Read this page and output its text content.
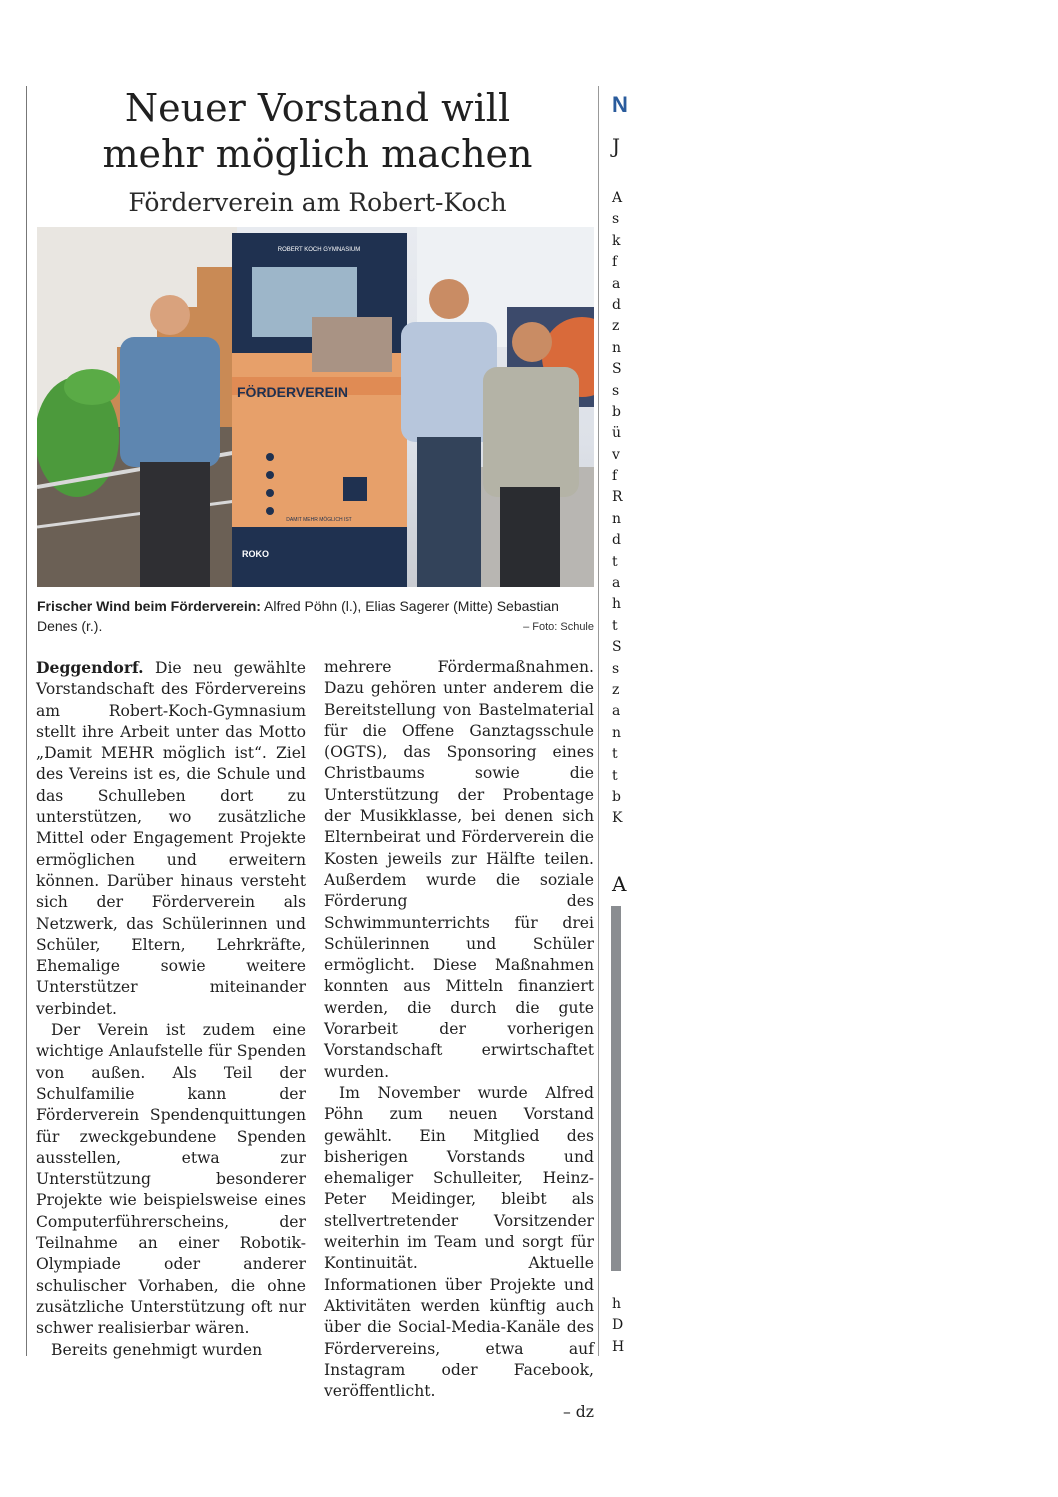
Neuer Vorstand will
mehr möglich machen
Förderverein am Robert-Koch
ROBERT KOCH GYMNASIUM
FÖRDERVEREIN
DAMIT MEHR MÖGLICH IST
ROKO
Frischer Wind beim Förderverein: Alfred Pöhn (l.), Elias Sagerer (Mitte) Sebastian Denes (r.).	– Foto: Schule

Deggendorf. Die neu gewählte Vorstandschaft des Fördervereins am Robert-Koch-Gymnasium stellt ihre Arbeit unter das Motto „Damit MEHR möglich ist“. Ziel des Vereins ist es, die Schule und das Schulleben dort zu unterstützen, wo zusätzliche Mittel oder Engagement Projekte ermöglichen und erweitern können. Darüber hinaus versteht sich der Förderverein als Netzwerk, das Schülerinnen und Schüler, Eltern, Lehrkräfte, Ehemalige sowie weitere Unterstützer miteinander verbindet.

Der Verein ist zudem eine wichtige Anlaufstelle für Spenden von außen. Als Teil der Schulfamilie kann der Förderverein Spendenquittungen für zweckgebundene Spenden ausstellen, etwa zur Unterstützung besonderer Projekte wie beispielsweise eines Computerführerscheins, der Teilnahme an einer Robotik-Olympiade oder anderer schulischer Vorhaben, die ohne zusätzliche Unterstützung oft nur schwer realisierbar wären.

Bereits genehmigt wurden

mehrere Fördermaßnahmen. Dazu gehören unter anderem die Bereitstellung von Bastelmaterial für die Offene Ganztagsschule (OGTS), das Sponsoring eines Christbaums sowie die Unterstützung der Probentage der Musikklasse, bei denen sich Elternbeirat und Förderverein die Kosten jeweils zur Hälfte teilen. Außerdem wurde die soziale Förderung des Schwimmunterrichts für drei Schülerinnen und Schüler ermöglicht. Diese Maßnahmen konnten aus Mitteln finanziert werden, die durch die gute Vorarbeit der vorherigen Vorstandschaft erwirtschaftet wurden.

Im November wurde Alfred Pöhn zum neuen Vorstand gewählt. Ein Mitglied des bisherigen Vorstands und ehemaliger Schulleiter, Heinz-Peter Meidinger, bleibt als stellvertretender Vorsitzender weiterhin im Team und sorgt für Kontinuität. Aktuelle Informationen über Projekte und Aktivitäten werden künftig auch über die Social-Media-Kanäle des Fördervereins, etwa auf Instagram oder Facebook, veröffentlicht.
– dz

N
J
A
s
k
f
a
d
z
n
S
s
b
ü
v
f
R
n
d
t
a
h
t
S
s
z
a
n
t
t
b
K
A
h
D
H
